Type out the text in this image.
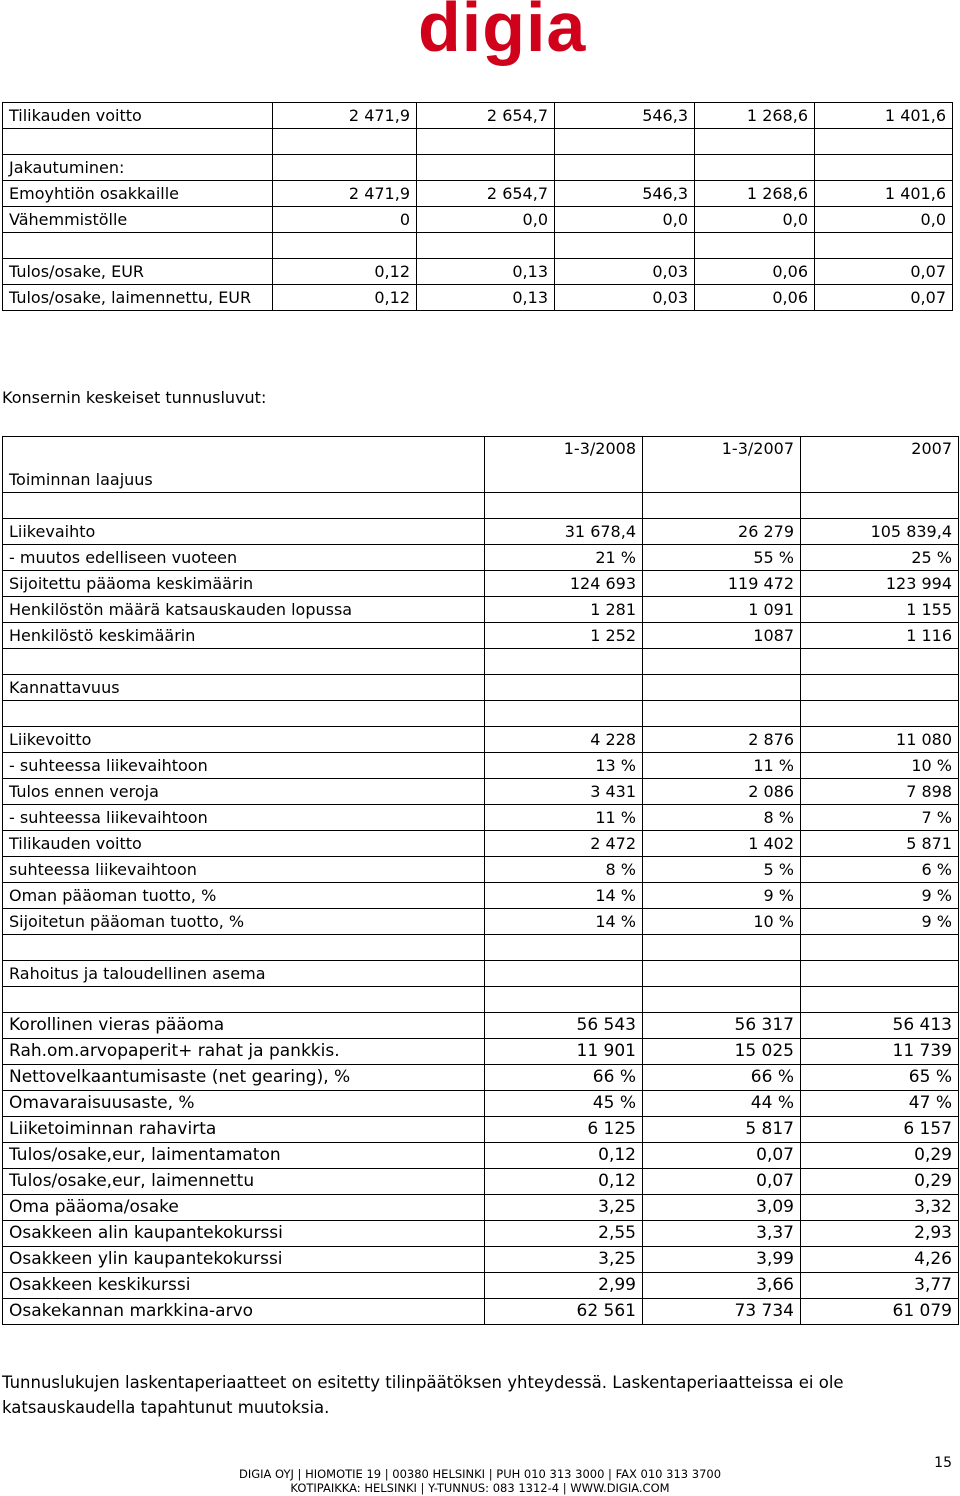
digia
Tilikauden voitto	2 471,9	2 654,7	546,3	1 268,6	1 401,6

Jakautuminen:					
Emoyhtiön osakkaille	2 471,9	2 654,7	546,3	1 268,6	1 401,6
Vähemmistölle	0	0,0	0,0	0,0	0,0

Tulos/osake, EUR	0,12	0,13	0,03	0,06	0,07
Tulos/osake, laimennettu, EUR	0,12	0,13	0,03	0,06	0,07
Konsernin keskeiset tunnusluvut:
Toiminnan laajuus	1-3/2008	1-3/2007	2007

Liikevaihto	31 678,4	26 279	105 839,4
- muutos edelliseen vuoteen	21 %	55 %	25 %
Sijoitettu pääoma keskimäärin	124 693	119 472	123 994
Henkilöstön määrä katsauskauden lopussa	1 281	1 091	1 155
Henkilöstö keskimäärin	1 252	1087	1 116

Kannattavuus			

Liikevoitto	4 228	2 876	11 080
- suhteessa liikevaihtoon	13 %	11 %	10 %
Tulos ennen veroja	3 431	2 086	7 898
- suhteessa liikevaihtoon	11 %	8 %	7 %
Tilikauden voitto	2 472	1 402	5 871
suhteessa liikevaihtoon	8 %	5 %	6 %
Oman pääoman tuotto, %	14 %	9 %	9 %
Sijoitetun pääoman tuotto, %	14 %	10 %	9 %

Rahoitus ja taloudellinen asema			

Korollinen vieras pääoma	56 543	56 317	56 413
Rah.om.arvopaperit+ rahat ja pankkis.	11 901	15 025	11 739
Nettovelkaantumisaste (net gearing), %	66 %	66 %	65 %
Omavaraisuusaste, %	45 %	44 %	47 %
Liiketoiminnan rahavirta	6 125	5 817	6 157
Tulos/osake,eur, laimentamaton	0,12	0,07	0,29
Tulos/osake,eur, laimennettu	0,12	0,07	0,29
Oma pääoma/osake	3,25	3,09	3,32
Osakkeen alin kaupantekokurssi	2,55	3,37	2,93
Osakkeen ylin kaupantekokurssi	3,25	3,99	4,26
Osakkeen keskikurssi	2,99	3,66	3,77
Osakekannan markkina-arvo	62 561	73 734	61 079
Tunnuslukujen laskentaperiaatteet on esitetty tilinpäätöksen yhteydessä. Laskentaperiaatteissa ei ole katsauskaudella tapahtunut muutoksia.
DIGIA OYJ | HIOMOTIE 19 | 00380 HELSINKI | PUH 010 313 3000 | FAX 010 313 3700
KOTIPAIKKA: HELSINKI | Y-TUNNUS: 083 1312-4 | WWW.DIGIA.COM
15
